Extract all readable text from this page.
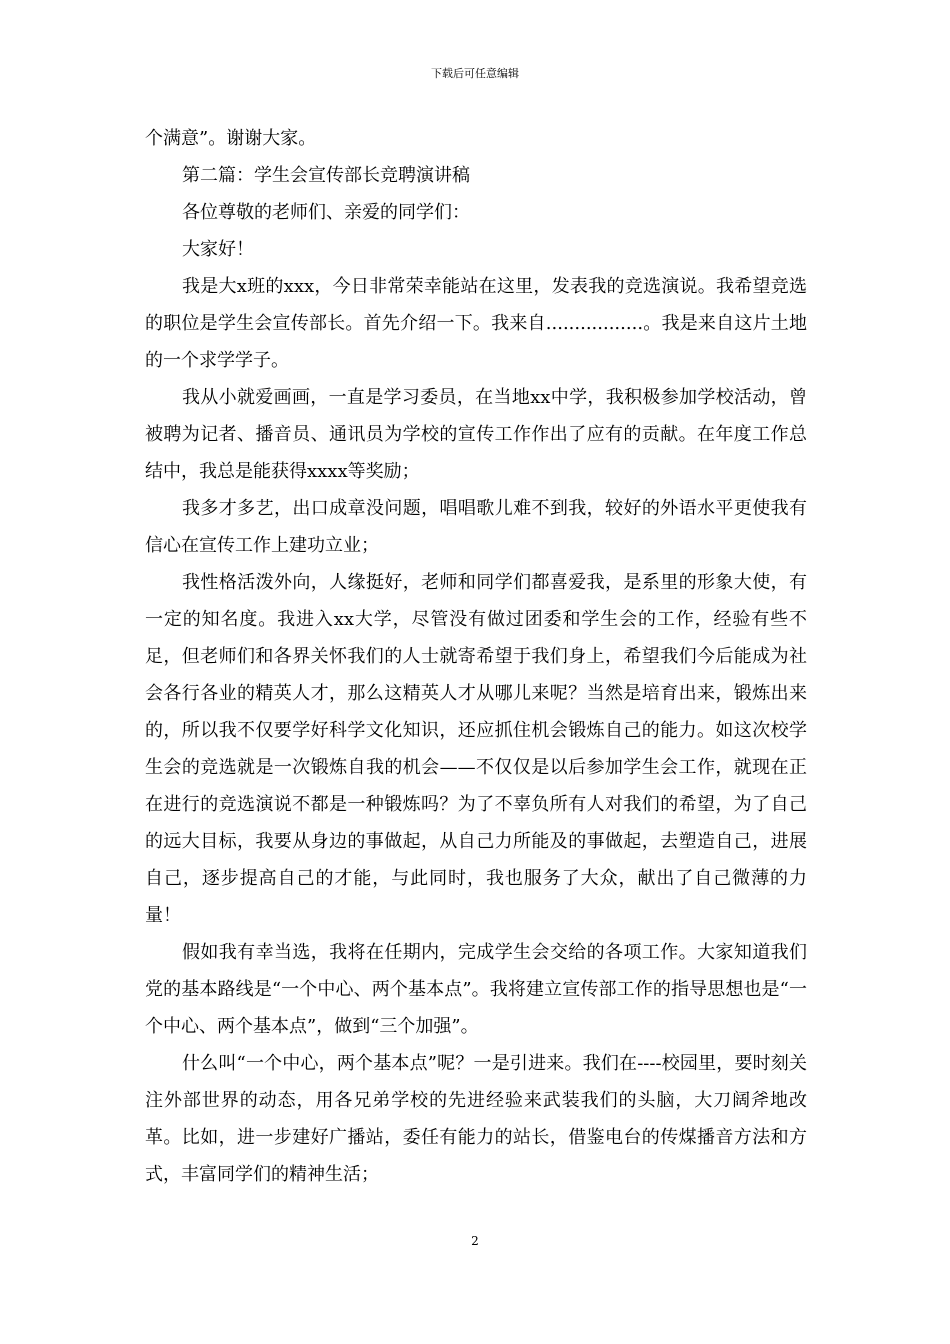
下载后可任意编辑

个满意”。谢谢大家。

第二篇：学生会宣传部长竞聘演讲稿

各位尊敬的老师们、亲爱的同学们：

大家好！

我是大x班的xxx，今日非常荣幸能站在这里，发表我的竞选演说。我希望竞选的职位是学生会宣传部长。首先介绍一下。我来自.................。我是来自这片土地的一个求学学子。

我从小就爱画画，一直是学习委员，在当地xx中学，我积极参加学校活动，曾被聘为记者、播音员、通讯员为学校的宣传工作作出了应有的贡献。在年度工作总结中，我总是能获得xxxx等奖励；

我多才多艺，出口成章没问题，唱唱歌儿难不到我，较好的外语水平更使我有信心在宣传工作上建功立业；

我性格活泼外向，人缘挺好，老师和同学们都喜爱我，是系里的形象大使，有一定的知名度。我进入xx大学，尽管没有做过团委和学生会的工作，经验有些不足，但老师们和各界关怀我们的人士就寄希望于我们身上，希望我们今后能成为社会各行各业的精英人才，那么这精英人才从哪儿来呢？当然是培育出来，锻炼出来的，所以我不仅要学好科学文化知识，还应抓住机会锻炼自己的能力。如这次校学生会的竞选就是一次锻炼自我的机会——不仅仅是以后参加学生会工作，就现在正在进行的竞选演说不都是一种锻炼吗？为了不辜负所有人对我们的希望，为了自己的远大目标，我要从身边的事做起，从自己力所能及的事做起，去塑造自己，进展自己，逐步提高自己的才能，与此同时，我也服务了大众，献出了自己微薄的力量！

假如我有幸当选，我将在任期内，完成学生会交给的各项工作。大家知道我们党的基本路线是“一个中心、两个基本点”。我将建立宣传部工作的指导思想也是“一个中心、两个基本点”，做到“三个加强”。

什么叫“一个中心，两个基本点”呢？一是引进来。我们在----校园里，要时刻关注外部世界的动态，用各兄弟学校的先进经验来武装我们的头脑，大刀阔斧地改革。比如，进一步建好广播站，委任有能力的站长，借鉴电台的传煤播音方法和方式，丰富同学们的精神生活；

2
